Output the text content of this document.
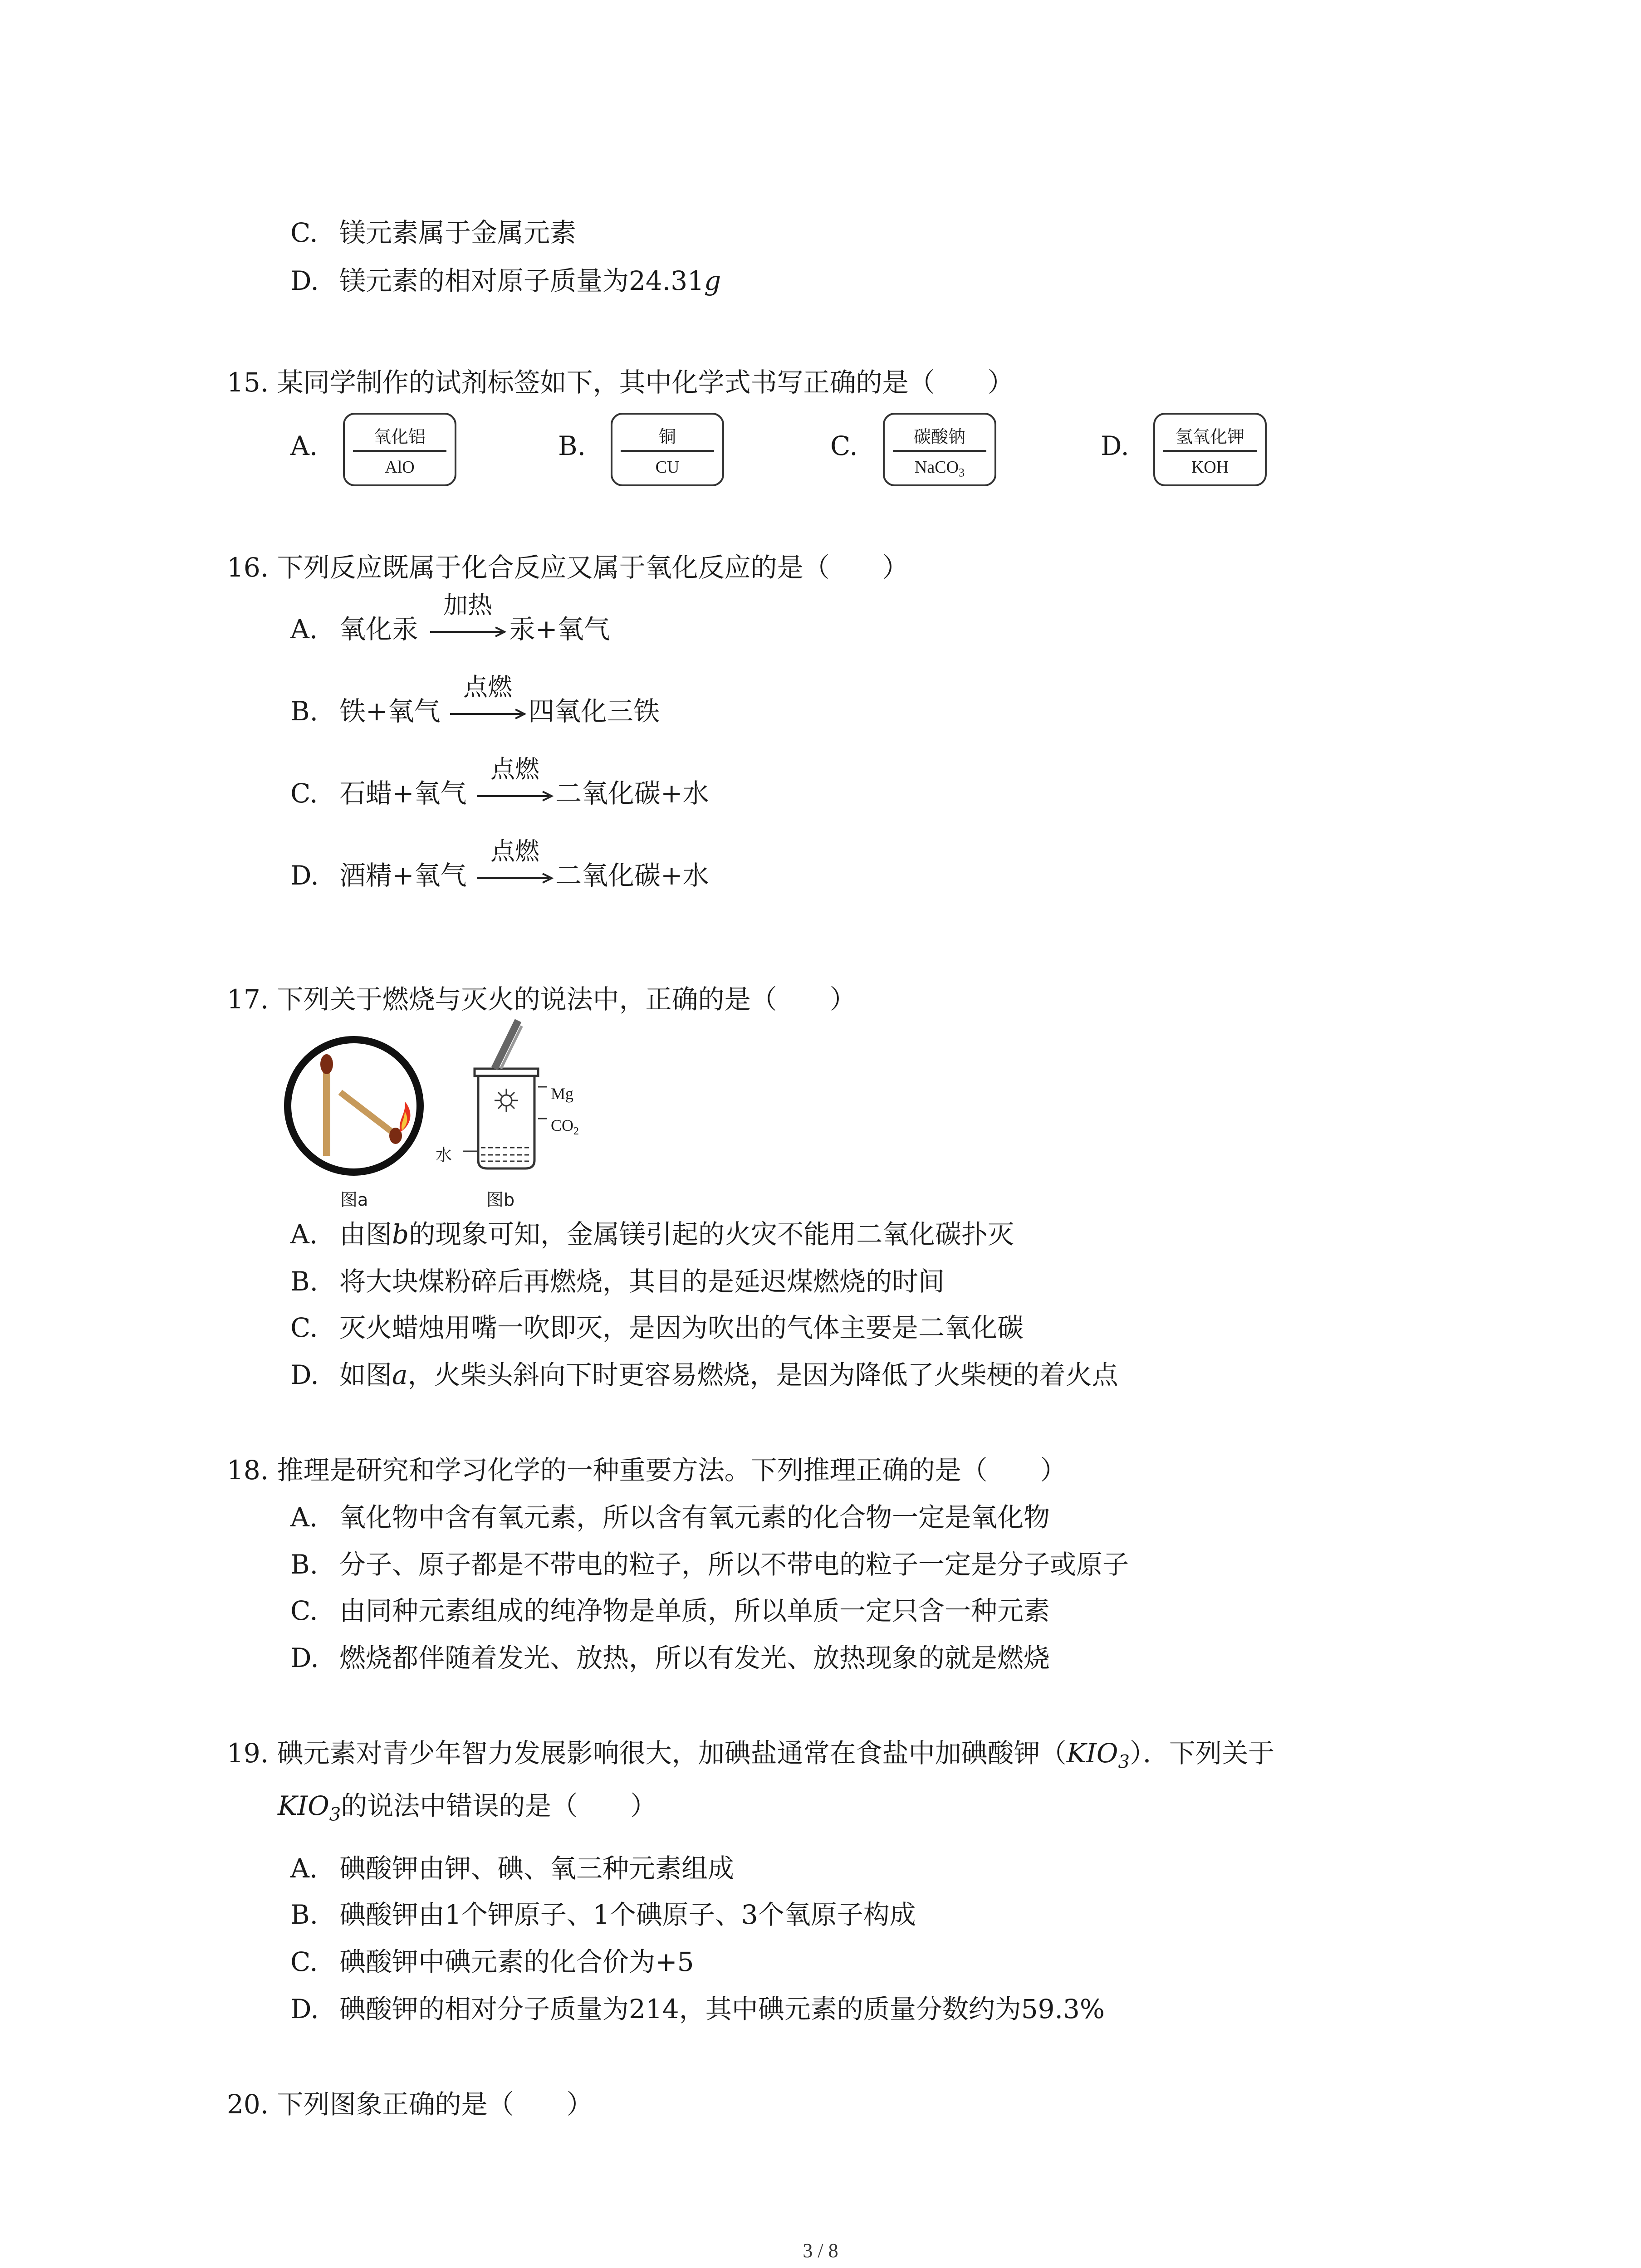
C. 镁元素属于金属元素
D. 镁元素的相对原子质量为24.31g
15. 某同学制作的试剂标签如下，其中化学式书写正确的是（　　）
A.	氧化铝
AlO
B.	铜
CU
C.	碳酸钠
NaCO$_3$
D.	氢氧化钾
KOH
16. 下列反应既属于化合反应又属于氧化反应的是（　　）
A. 氧化汞
加热
汞+氧气
B. 铁+氧气
点燃
四氧化三铁
C. 石蜡+氧气
点燃
二氧化碳+水
D. 酒精+氧气
点燃
二氧化碳+水
17. 下列关于燃烧与灭火的说法中，正确的是（　　）
图a
Mg
$CO_2$
水
图b
A. 由图b的现象可知，金属镁引起的火灾不能用二氧化碳扑灭
B. 将大块煤粉碎后再燃烧，其目的是延迟煤燃烧的时间
C. 灭火蜡烛用嘴一吹即灭，是因为吹出的气体主要是二氧化碳
D. 如图a，火柴头斜向下时更容易燃烧，是因为降低了火柴梗的着火点
18. 推理是研究和学习化学的一种重要方法。下列推理正确的是（　　）
A. 氧化物中含有氧元素，所以含有氧元素的化合物一定是氧化物
B. 分子、原子都是不带电的粒子，所以不带电的粒子一定是分子或原子
C. 由同种元素组成的纯净物是单质，所以单质一定只含一种元素
D. 燃烧都伴随着发光、放热，所以有发光、放热现象的就是燃烧
19. 碘元素对青少年智力发展影响很大，加碘盐通常在食盐中加碘酸钾$(KIO_3)$．下列关于
$KIO_3$的说法中错误的是（　　）
A. 碘酸钾由钾、碘、氧三种元素组成
B. 碘酸钾由1个钾原子、1个碘原子、3个氧原子构成
C. 碘酸钾中碘元素的化合价为+5
D. 碘酸钾的相对分子质量为214，其中碘元素的质量分数约为59.3%
20. 下列图象正确的是（　　）
3 / 8
